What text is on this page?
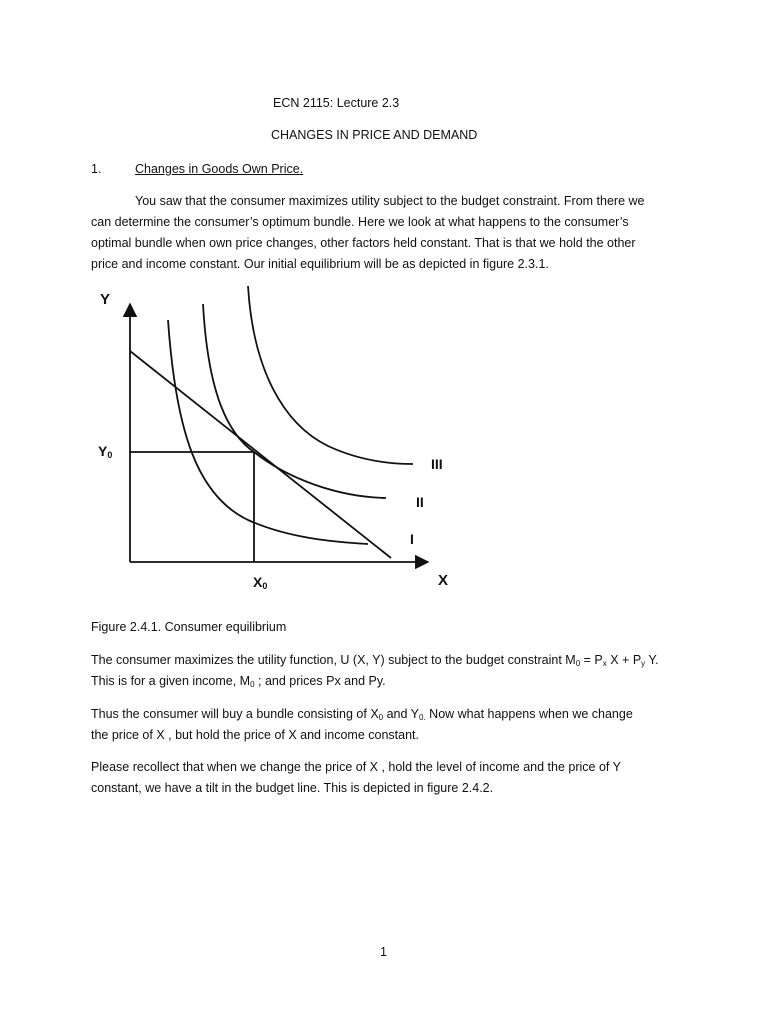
ECN 2115: Lecture 2.3
CHANGES IN PRICE AND DEMAND
1.	Changes in Goods Own Price.
You saw that the consumer maximizes utility subject to the budget constraint. From there we
can determine the consumer’s optimum bundle. Here we look at what happens to the consumer’s
optimal bundle when own price changes, other factors held constant. That is that we hold the other
price and income constant. Our initial equilibrium will be as depicted in figure 2.3.1.
Y
X
Y0
X0
III
II
I
Figure 2.4.1. Consumer equilibrium

The consumer maximizes the utility function, U (X, Y) subject to the budget constraint $M_0 = P_x$ $X + P_y$ Y.
This is for a given income, $M_0$ ; and prices Px and Py.

Thus the consumer will buy a bundle consisting of $X_0$ and $Y_{0.}$ Now what happens when we change
the price of X , but hold the price of X and income constant.

Please recollect that when we change the price of X , hold the level of income and the price of Y
constant, we have a tilt in the budget line. This is depicted in figure 2.4.2.

1
